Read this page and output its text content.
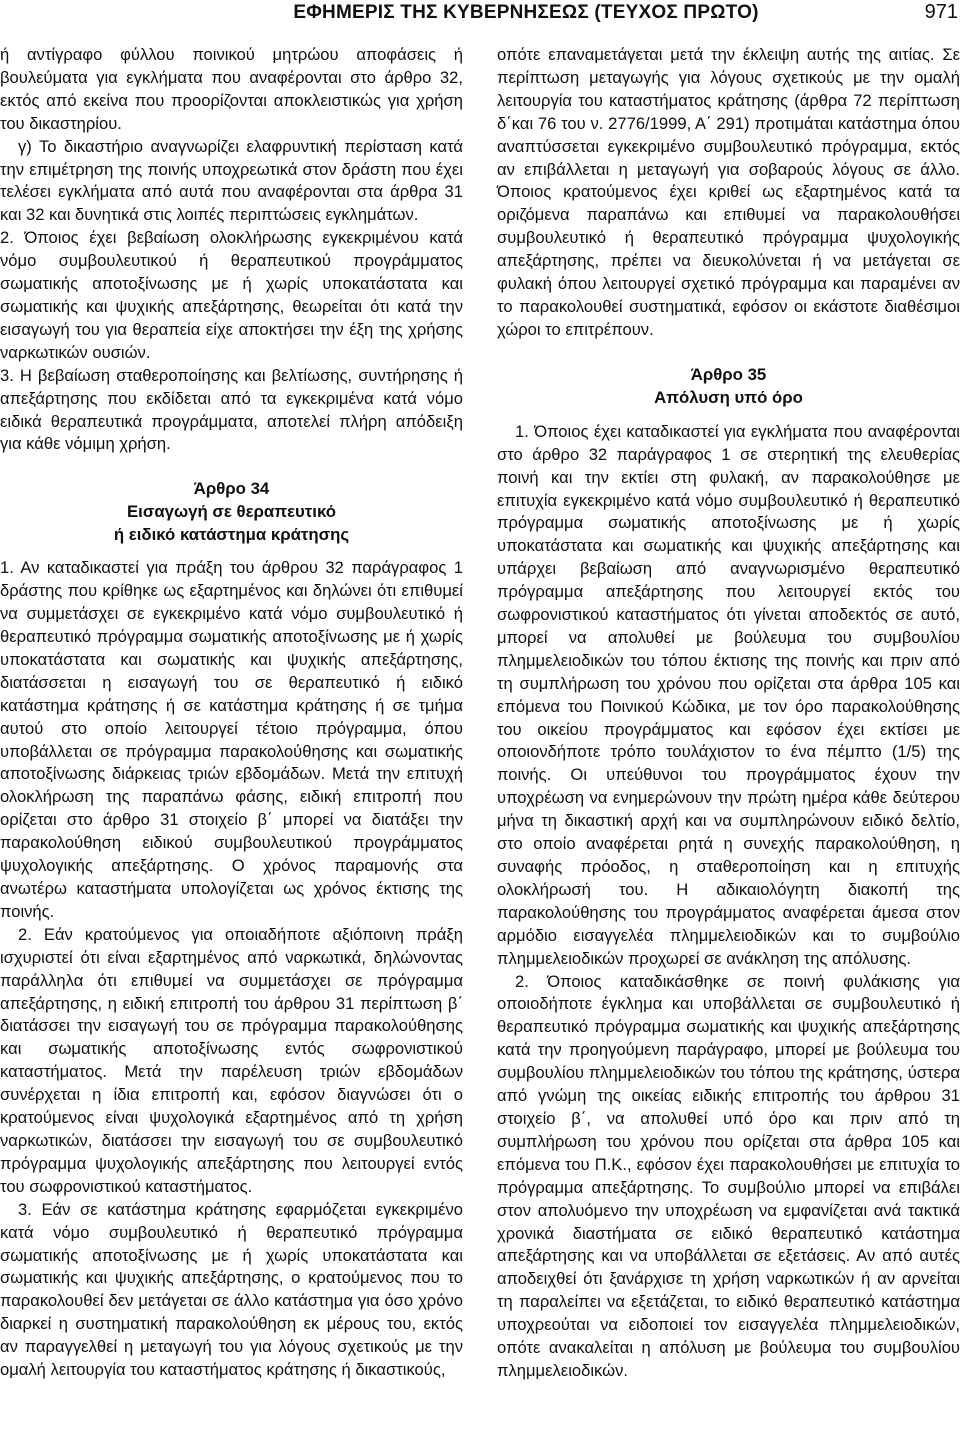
ΕΦΗΜΕΡΙΣ ΤΗΣ ΚΥΒΕΡΝΗΣΕΩΣ (ΤΕΥΧΟΣ ΠΡΩΤΟ)	971

ή αντίγραφο φύλλου ποινικού μητρώου αποφάσεις ή βουλεύματα για εγκλήματα που αναφέρονται στο άρθρο 32, εκτός από εκείνα που προορίζονται αποκλειστικώς για χρήση του δικαστηρίου.

γ) Το δικαστήριο αναγνωρίζει ελαφρυντική περίσταση κατά την επιμέτρηση της ποινής υποχρεωτικά στον δράστη που έχει τελέσει εγκλήματα από αυτά που αναφέρονται στα άρθρα 31 και 32 και δυνητικά στις λοιπές περιπτώσεις εγκλημάτων.

2. Όποιος έχει βεβαίωση ολοκλήρωσης εγκεκριμένου κατά νόμο συμβουλευτικού ή θεραπευτικού προγράμματος σωματικής αποτοξίνωσης με ή χωρίς υποκατάστατα και σωματικής και ψυχικής απεξάρτησης, θεωρείται ότι κατά την εισαγωγή του για θεραπεία είχε αποκτήσει την έξη της χρήσης ναρκωτικών ουσιών.

3. Η βεβαίωση σταθεροποίησης και βελτίωσης, συντήρησης ή απεξάρτησης που εκδίδεται από τα εγκεκριμένα κατά νόμο ειδικά θεραπευτικά προγράμματα, αποτελεί πλήρη απόδειξη για κάθε νόμιμη χρήση.

Άρθρο 34
Εισαγωγή σε θεραπευτικό
ή ειδικό κατάστημα κράτησης

1. Αν καταδικαστεί για πράξη του άρθρου 32 παράγραφος 1 δράστης που κρίθηκε ως εξαρτημένος και δηλώνει ότι επιθυμεί να συμμετάσχει σε εγκεκριμένο κατά νόμο συμβουλευτικό ή θεραπευτικό πρόγραμμα σωματικής αποτοξίνωσης με ή χωρίς υποκατάστατα και σωματικής και ψυχικής απεξάρτησης, διατάσσεται η εισαγωγή του σε θεραπευτικό ή ειδικό κατάστημα κράτησης ή σε κατάστημα κράτησης ή σε τμήμα αυτού στο οποίο λειτουργεί τέτοιο πρόγραμμα, όπου υποβάλλεται σε πρόγραμμα παρακολούθησης και σωματικής αποτοξίνωσης διάρκειας τριών εβδομάδων. Μετά την επιτυχή ολοκλήρωση της παραπάνω φάσης, ειδική επιτροπή που ορίζεται στο άρθρο 31 στοιχείο β΄ μπορεί να διατάξει την παρακολούθηση ειδικού συμβουλευτικού προγράμματος ψυχολογικής απεξάρτησης. Ο χρόνος παραμονής στα ανωτέρω καταστήματα υπολογίζεται ως χρόνος έκτισης της ποινής.

2. Εάν κρατούμενος για οποιαδήποτε αξιόποινη πράξη ισχυριστεί ότι είναι εξαρτημένος από ναρκωτικά, δηλώνοντας παράλληλα ότι επιθυμεί να συμμετάσχει σε πρόγραμμα απεξάρτησης, η ειδική επιτροπή του άρθρου 31 περίπτωση β΄ διατάσσει την εισαγωγή του σε πρόγραμμα παρακολούθησης και σωματικής αποτοξίνωσης εντός σωφρονιστικού καταστήματος. Μετά την παρέλευση τριών εβδομάδων συνέρχεται η ίδια επιτροπή και, εφόσον διαγνώσει ότι ο κρατούμενος είναι ψυχολογικά εξαρτημένος από τη χρήση ναρκωτικών, διατάσσει την εισαγωγή του σε συμβουλευτικό πρόγραμμα ψυχολογικής απεξάρτησης που λειτουργεί εντός του σωφρονιστικού καταστήματος.

3. Εάν σε κατάστημα κράτησης εφαρμόζεται εγκεκριμένο κατά νόμο συμβουλευτικό ή θεραπευτικό πρόγραμμα σωματικής αποτοξίνωσης με ή χωρίς υποκατάστατα και σωματικής και ψυχικής απεξάρτησης, ο κρατούμενος που το παρακολουθεί δεν μετάγεται σε άλλο κατάστημα για όσο χρόνο διαρκεί η συστηματική παρακολούθηση εκ μέρους του, εκτός αν παραγγελθεί η μεταγωγή του για λόγους σχετικούς με την ομαλή λειτουργία του καταστήματος κράτησης ή δικαστικούς,

οπότε επαναμετάγεται μετά την έκλειψη αυτής της αιτίας. Σε περίπτωση μεταγωγής για λόγους σχετικούς με την ομαλή λειτουργία του καταστήματος κράτησης (άρθρα 72 περίπτωση δ΄και 76 του ν. 2776/1999, Α΄ 291) προτιμάται κατάστημα όπου αναπτύσσεται εγκεκριμένο συμβουλευτικό πρόγραμμα, εκτός αν επιβάλλεται η μεταγωγή για σοβαρούς λόγους σε άλλο. Όποιος κρατούμενος έχει κριθεί ως εξαρτημένος κατά τα οριζόμενα παραπάνω και επιθυμεί να παρακολουθήσει συμβουλευτικό ή θεραπευτικό πρόγραμμα ψυχολογικής απεξάρτησης, πρέπει να διευκολύνεται ή να μετάγεται σε φυλακή όπου λειτουργεί σχετικό πρόγραμμα και παραμένει αν το παρακολουθεί συστηματικά, εφόσον οι εκάστοτε διαθέσιμοι χώροι το επιτρέπουν.

Άρθρο 35
Απόλυση υπό όρο

1. Όποιος έχει καταδικαστεί για εγκλήματα που αναφέρονται στο άρθρο 32 παράγραφος 1 σε στερητική της ελευθερίας ποινή και την εκτίει στη φυλακή, αν παρακολούθησε με επιτυχία εγκεκριμένο κατά νόμο συμβουλευτικό ή θεραπευτικό πρόγραμμα σωματικής αποτοξίνωσης με ή χωρίς υποκατάστατα και σωματικής και ψυχικής απεξάρτησης και υπάρχει βεβαίωση από αναγνωρισμένο θεραπευτικό πρόγραμμα απεξάρτησης που λειτουργεί εκτός του σωφρονιστικού καταστήματος ότι γίνεται αποδεκτός σε αυτό, μπορεί να απολυθεί με βούλευμα του συμβουλίου πλημμελειοδικών του τόπου έκτισης της ποινής και πριν από τη συμπλήρωση του χρόνου που ορίζεται στα άρθρα 105 και επόμενα του Ποινικού Κώδικα, με τον όρο παρακολούθησης του οικείου προγράμματος και εφόσον έχει εκτίσει με οποιονδήποτε τρόπο τουλάχιστον το ένα πέμπτο (1/5) της ποινής. Οι υπεύθυνοι του προγράμματος έχουν την υποχρέωση να ενημερώνουν την πρώτη ημέρα κάθε δεύτερου μήνα τη δικαστική αρχή και να συμπληρώνουν ειδικό δελτίο, στο οποίο αναφέρεται ρητά η συνεχής παρακολούθηση, η συναφής πρόοδος, η σταθεροποίηση και η επιτυχής ολοκλήρωσή του. Η αδικαιολόγητη διακοπή της παρακολούθησης του προγράμματος αναφέρεται άμεσα στον αρμόδιο εισαγγελέα πλημμελειοδικών και το συμβούλιο πλημμελειοδικών προχωρεί σε ανάκληση της απόλυσης.

2. Όποιος καταδικάσθηκε σε ποινή φυλάκισης για οποιοδήποτε έγκλημα και υποβάλλεται σε συμβουλευτικό ή θεραπευτικό πρόγραμμα σωματικής και ψυχικής απεξάρτησης κατά την προηγούμενη παράγραφο, μπορεί με βούλευμα του συμβουλίου πλημμελειοδικών του τόπου της κράτησης, ύστερα από γνώμη της οικείας ειδικής επιτροπής του άρθρου 31 στοιχείο β΄, να απολυθεί υπό όρο και πριν από τη συμπλήρωση του χρόνου που ορίζεται στα άρθρα 105 και επόμενα του Π.Κ., εφόσον έχει παρακολουθήσει με επιτυχία το πρόγραμμα απεξάρτησης. Το συμβούλιο μπορεί να επιβάλει στον απολυόμενο την υποχρέωση να εμφανίζεται ανά τακτικά χρονικά διαστήματα σε ειδικό θεραπευτικό κατάστημα απεξάρτησης και να υποβάλλεται σε εξετάσεις. Αν από αυτές αποδειχθεί ότι ξανάρχισε τη χρήση ναρκωτικών ή αν αρνείται τη παραλείπει να εξετάζεται, το ειδικό θεραπευτικό κατάστημα υποχρεούται να ειδοποιεί τον εισαγγελέα πλημμελειοδικών, οπότε ανακαλείται η απόλυση με βούλευμα του συμβουλίου πλημμελειοδικών.
